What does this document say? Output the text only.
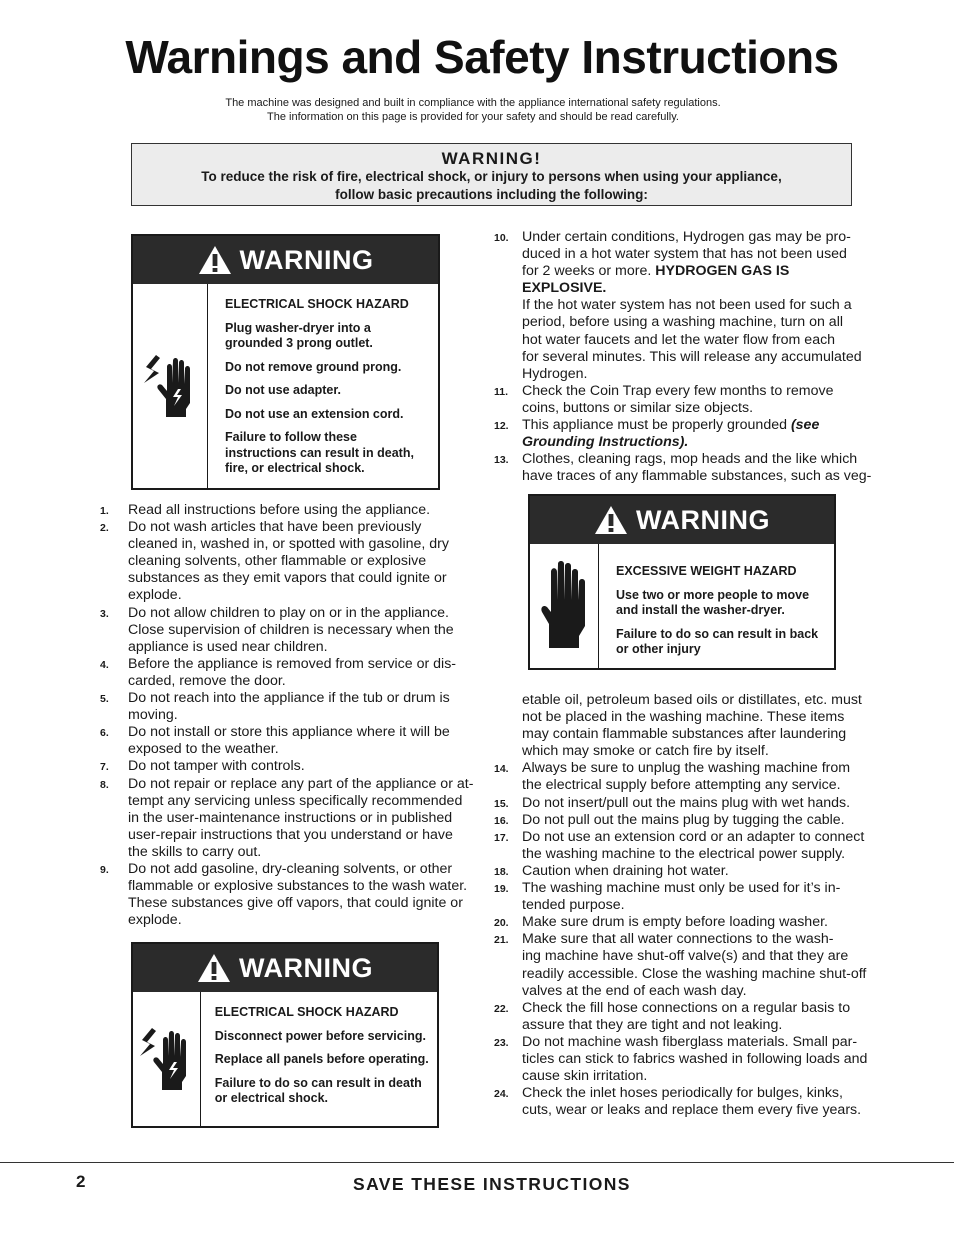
Warnings and Safety Instructions
The machine was designed and built in compliance with the appliance international safety regulations.
The information on this page is provided for your safety and should be read carefully.
WARNING!
To reduce the risk of fire, electrical shock, or injury to persons when using your appliance,
follow basic precautions including the following:
WARNING

ELECTRICAL SHOCK HAZARD

Plug washer-dryer into a grounded 3 prong outlet.

Do not remove ground prong.

Do not use adapter.

Do not use an extension cord.

Failure to follow these instructions can result in death, fire, or electrical shock.

1. Read all instructions before using the appliance.
2. Do not wash articles that have been previously
cleaned in, washed in, or spotted with gasoline, dry
cleaning solvents, other flammable or explosive
substances as they emit vapors that could ignite or
explode.
3. Do not allow children to play on or in the appliance.
Close supervision of children is necessary when the
appliance is used near children.
4. Before the appliance is removed from service or dis-
carded, remove the door.
5. Do not reach into the appliance if the tub or drum is
moving.
6. Do not install or store this appliance where it will be
exposed to the weather.
7. Do not tamper with controls.
8. Do not repair or replace any part of the appliance or at-
tempt any servicing unless specifically recommended
in the user-maintenance instructions or in published
user-repair instructions that you understand or have
the skills to carry out.
9. Do not add gasoline, dry-cleaning solvents, or other
flammable or explosive substances to the wash water.
These substances give off vapors, that could ignite or
explode.
WARNING

ELECTRICAL SHOCK HAZARD

Disconnect power before servicing.

Replace all panels before operating.

Failure to do so can result in death or electrical shock.

10. Under certain conditions, Hydrogen gas may be pro-
duced in a hot water system that has not been used
for 2 weeks or more. HYDROGEN GAS IS EXPLOSIVE.
If the hot water system has not been used for such a
period, before using a washing machine, turn on all
hot water faucets and let the water flow from each
for several minutes. This will release any accumulated
Hydrogen.
11. Check the Coin Trap every few months to remove
coins, buttons or similar size objects.
12. This appliance must be properly grounded (see
Grounding Instructions).
13. Clothes, cleaning rags, mop heads and the like which
have traces of any flammable substances, such as veg-
WARNING

EXCESSIVE WEIGHT HAZARD

Use two or more people to move and install the washer-dryer.

Failure to do so can result in back or other injury

etable oil, petroleum based oils or distillates, etc. must
not be placed in the washing machine. These items
may contain flammable substances after laundering
which may smoke or catch fire by itself.
14. Always be sure to unplug the washing machine from
the electrical supply before attempting any service.
15. Do not insert/pull out the mains plug with wet hands.
16. Do not pull out the mains plug by tugging the cable.
17. Do not use an extension cord or an adapter to connect
the washing machine to the electrical power supply.
18. Caution when draining hot water.
19. The washing machine must only be used for it’s in-
tended purpose.
20. Make sure drum is empty before loading washer.
21. Make sure that all water connections to the wash-
ing machine have shut-off valve(s) and that they are
readily accessible. Close the washing machine shut-off
valves at the end of each wash day.
22. Check the fill hose connections on a regular basis to
assure that they are tight and not leaking.
23. Do not machine wash fiberglass materials. Small par-
ticles can stick to fabrics washed in following loads and
cause skin irritation.
24. Check the inlet hoses periodically for bulges, kinks,
cuts, wear or leaks and replace them every five years.
2	SAVE THESE INSTRUCTIONS
